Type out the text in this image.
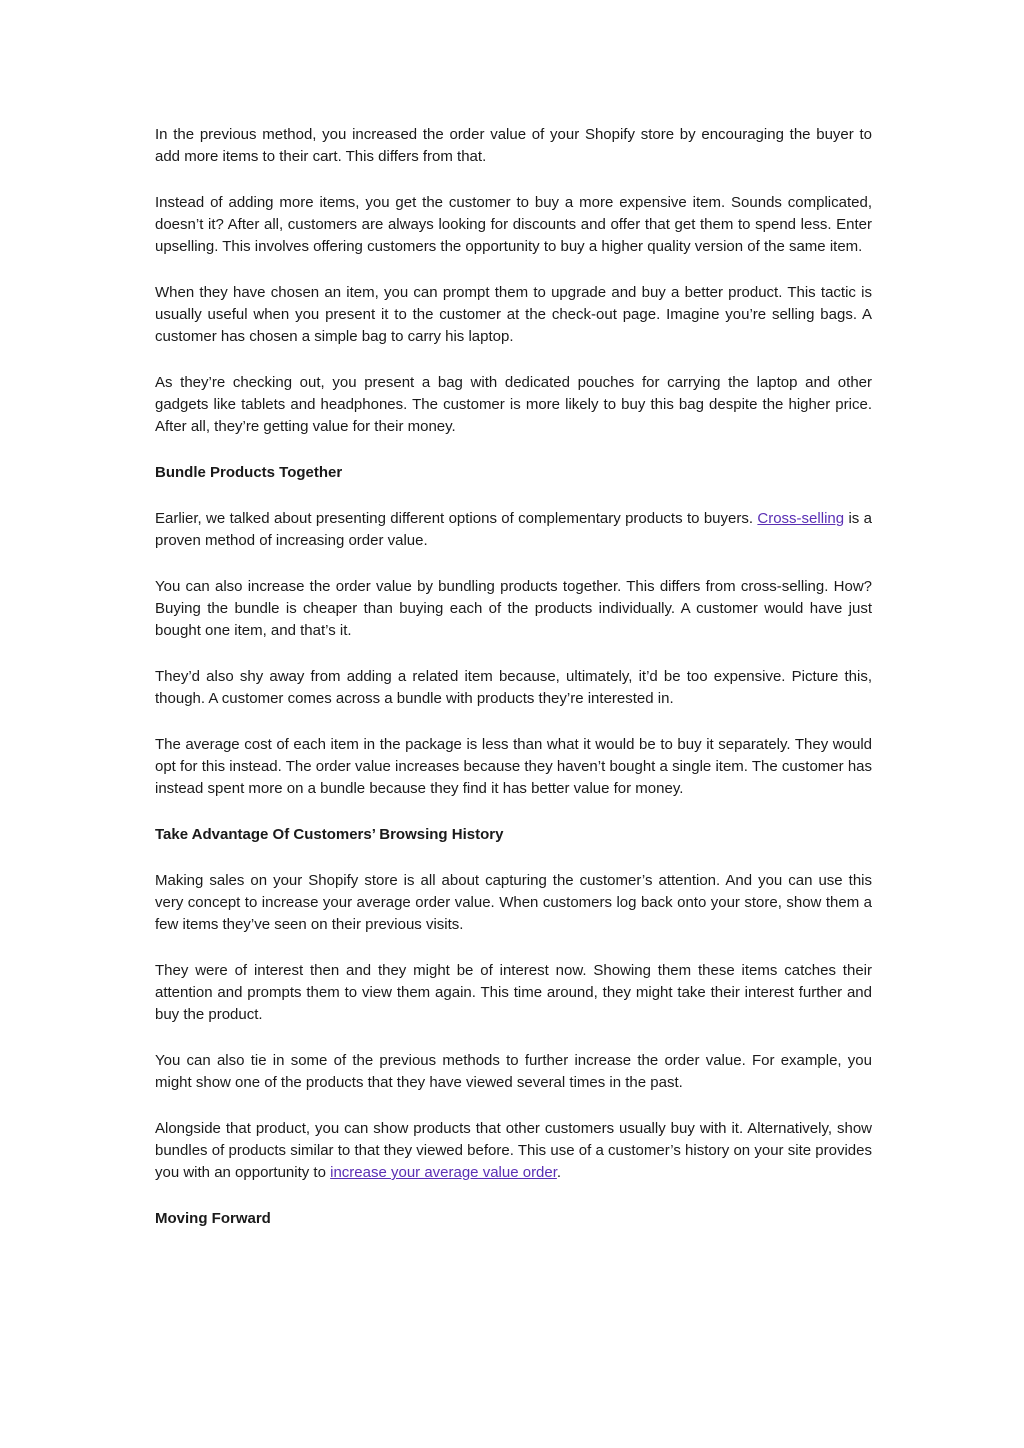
In the previous method, you increased the order value of your Shopify store by encouraging the buyer to add more items to their cart. This differs from that.

Instead of adding more items, you get the customer to buy a more expensive item. Sounds complicated, doesn’t it? After all, customers are always looking for discounts and offer that get them to spend less. Enter upselling. This involves offering customers the opportunity to buy a higher quality version of the same item.

When they have chosen an item, you can prompt them to upgrade and buy a better product. This tactic is usually useful when you present it to the customer at the check-out page. Imagine you’re selling bags. A customer has chosen a simple bag to carry his laptop.

As they’re checking out, you present a bag with dedicated pouches for carrying the laptop and other gadgets like tablets and headphones. The customer is more likely to buy this bag despite the higher price. After all, they’re getting value for their money.

Bundle Products Together

Earlier, we talked about presenting different options of complementary products to buyers. Cross-selling is a proven method of increasing order value.

You can also increase the order value by bundling products together. This differs from cross-selling. How? Buying the bundle is cheaper than buying each of the products individually. A customer would have just bought one item, and that’s it.

They’d also shy away from adding a related item because, ultimately, it’d be too expensive. Picture this, though. A customer comes across a bundle with products they’re interested in.

The average cost of each item in the package is less than what it would be to buy it separately. They would opt for this instead. The order value increases because they haven’t bought a single item. The customer has instead spent more on a bundle because they find it has better value for money.

Take Advantage Of Customers’ Browsing History

Making sales on your Shopify store is all about capturing the customer’s attention. And you can use this very concept to increase your average order value. When customers log back onto your store, show them a few items they’ve seen on their previous visits.

They were of interest then and they might be of interest now. Showing them these items catches their attention and prompts them to view them again. This time around, they might take their interest further and buy the product.

You can also tie in some of the previous methods to further increase the order value. For example, you might show one of the products that they have viewed several times in the past.

Alongside that product, you can show products that other customers usually buy with it. Alternatively, show bundles of products similar to that they viewed before. This use of a customer’s history on your site provides you with an opportunity to increase your average value order.

Moving Forward
